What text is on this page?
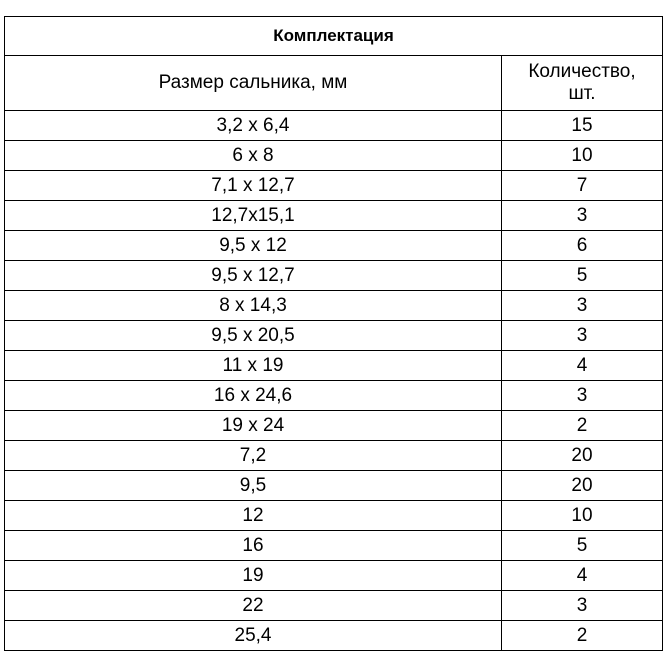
Комплектация	
Размер сальника, мм	Количество, шт.
3,2 x 6,4	15
6 x 8	10
7,1 x 12,7	7
12,7x15,1	3
9,5 x 12	6
9,5 x 12,7	5
8 x 14,3	3
9,5 x 20,5	3
11 x 19	4
16 x 24,6	3
19 x 24	2
7,2	20
9,5	20
12	10
16	5
19	4
22	3
25,4	2
